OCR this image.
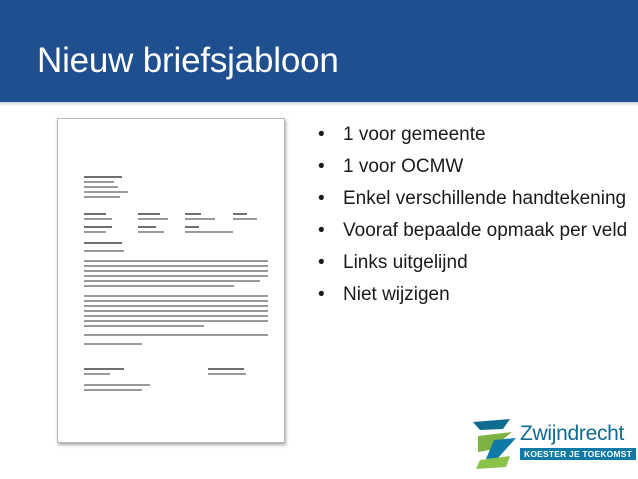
Nieuw briefsjabloon
• 1 voor gemeente
• 1 voor OCMW
• Enkel verschillende handtekening
• Vooraf bepaalde opmaak per veld
• Links uitgelijnd
• Niet wijzigen
Zwijndrecht
KOESTER JE TOEKOMST
